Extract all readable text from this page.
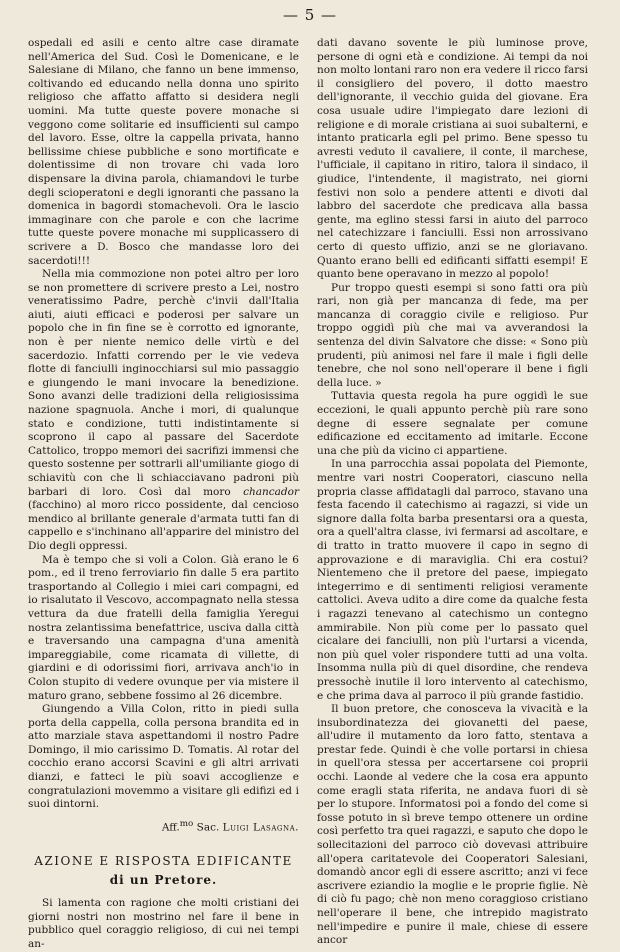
— 5 —

ospedali ed asili e cento altre case diramate nell'America del Sud. Così le Domenicane, e le Salesiane di Milano, che fanno un bene immenso, coltivando ed educando nella donna uno spirito religioso che affatto affatto si desidera negli uomini. Ma tutte queste povere monache si veggono come solitarie ed insufficienti sul campo del lavoro. Esse, oltre la cappella privata, hanno bellissime chiese pubbliche e sono mortificate e dolentissime di non trovare chi vada loro dispensare la divina parola, chiamandovi le turbe degli scioperatoni e degli ignoranti che passano la domenica in bagordi stomachevoli. Ora le lascio immaginare con che parole e con che lacrime tutte queste povere monache mi supplicassero di scrivere a D. Bosco che mandasse loro dei sacerdoti!!!

Nella mia commozione non potei altro per loro se non promettere di scrivere presto a Lei, nostro veneratissimo Padre, perchè c'invii dall'Italia aiuti, aiuti efficaci e poderosi per salvare un popolo che in fin fine se è corrotto ed ignorante, non è per niente nemico delle virtù e del sacerdozio. Infatti correndo per le vie vedeva flotte di fanciulli inginocchiarsi sul mio passaggio e giungendo le mani invocare la benedizione. Sono avanzi delle tradizioni della religiosissima nazione spagnuola. Anche i mori, di qualunque stato e condizione, tutti indistintamente si scoprono il capo al passare del Sacerdote Cattolico, troppo memori dei sacrifizi immensi che questo sostenne per sottrarli all'umiliante giogo di schiavitù con che li schiacciavano padroni più barbari di loro. Così dal moro chancador (facchino) al moro ricco possidente, dal cencioso mendico al brillante generale d'armata tutti fan di cappello e s'inchinano all'apparire del ministro del Dio degli oppressi.

Ma è tempo che si voli a Colon. Già erano le 6 pom., ed il treno ferroviario fin dalle 5 era partito trasportando al Collegio i miei cari compagni, ed io risalutato il Vescovo, accompagnato nella stessa vettura da due fratelli della famiglia Yeregui nostra zelantissima benefattrice, usciva dalla città e traversando una campagna d'una amenità impareggiabile, come ricamata di villette, di giardini e di odorissimi fiori, arrivava anch'io in Colon stupito di vedere ovunque per via mistere il maturo grano, sebbene fossimo al 26 dicembre.

Giungendo a Villa Colon, ritto in piedi sulla porta della cappella, colla persona brandita ed in atto marziale stava aspettandomi il nostro Padre Domingo, il mio carissimo D. Tomatis. Al rotar del cocchio erano accorsi Scavini e gli altri arrivati dianzi, e fatteci le più soavi accoglienze e congratulazioni movemmo a visitare gli edifizi ed i suoi dintorni.

Aff.$^{mo}$ Sac. Luigi Lasagna.

AZIONE E RISPOSTA EDIFICANTE
di un Pretore.

Si lamenta con ragione che molti cristiani dei giorni nostri non mostrino nel fare il bene in pubblico quel coraggio religioso, di cui nei tempi an-

dati davano sovente le più luminose prove, persone di ogni età e condizione. Ai tempi da noi non molto lontani raro non era vedere il ricco farsi il consigliero del povero, il dotto maestro dell'ignorante, il vecchio guida del giovane. Era cosa usuale udire l'impiegato dare lezioni di religione e di morale cristiana ai suoi subalterni, e intanto praticarla egli pel primo. Bene spesso tu avresti veduto il cavaliere, il conte, il marchese, l'ufficiale, il capitano in ritiro, talora il sindaco, il giudice, l'intendente, il magistrato, nei giorni festivi non solo a pendere attenti e divoti dal labbro del sacerdote che predicava alla bassa gente, ma eglino stessi farsi in aiuto del parroco nel catechizzare i fanciulli. Essi non arrossivano certo di questo uffizio, anzi se ne gloriavano. Quanto erano belli ed edificanti siffatti esempi! E quanto bene operavano in mezzo al popolo!

Pur troppo questi esempi si sono fatti ora più rari, non già per mancanza di fede, ma per mancanza di coraggio civile e religioso. Pur troppo oggidì più che mai va avverandosi la sentenza del divin Salvatore che disse: « Sono più prudenti, più animosi nel fare il male i figli delle tenebre, che nol sono nell'operare il bene i figli della luce. »

Tuttavia questa regola ha pure oggidì le sue eccezioni, le quali appunto perchè più rare sono degne di essere segnalate per comune edificazione ed eccitamento ad imitarle. Eccone una che più da vicino ci appartiene.

In una parrocchia assai popolata del Piemonte, mentre vari nostri Cooperatori, ciascuno nella propria classe affidatagli dal parroco, stavano una festa facendo il catechismo ai ragazzi, si vide un signore dalla folta barba presentarsi ora a questa, ora a quell'altra classe, ivi fermarsi ad ascoltare, e di tratto in tratto muovere il capo in segno di approvazione e di maraviglia. Chi era costui? Nientemeno che il pretore del paese, impiegato integerrimo e di sentimenti religiosi veramente cattolici. Aveva udito a dire come da qualche festa i ragazzi tenevano al catechismo un contegno ammirabile. Non più come per lo passato quel cicalare dei fanciulli, non più l'urtarsi a vicenda, non più quel voler rispondere tutti ad una volta. Insomma nulla più di quel disordine, che rendeva pressochè inutile il loro intervento al catechismo, e che prima dava al parroco il più grande fastidio.

Il buon pretore, che conosceva la vivacità e la insubordinatezza dei giovanetti del paese, all'udire il mutamento da loro fatto, stentava a prestar fede. Quindi è che volle portarsi in chiesa in quell'ora stessa per accertarsene coi proprii occhi. Laonde al vedere che la cosa era appunto come eragli stata riferita, ne andava fuori di sè per lo stupore. Informatosi poi a fondo del come si fosse potuto in sì breve tempo ottenere un ordine così perfetto tra quei ragazzi, e saputo che dopo le sollecitazioni del parroco ciò dovevasi attribuire all'opera caritatevole dei Cooperatori Salesiani, domandò ancor egli di essere ascritto; anzi vi fece ascrivere eziandio la moglie e le proprie figlie. Nè di ciò fu pago; chè non meno coraggioso cristiano nell'operare il bene, che intrepido magistrato nell'impedire e punire il male, chiese di essere ancor
